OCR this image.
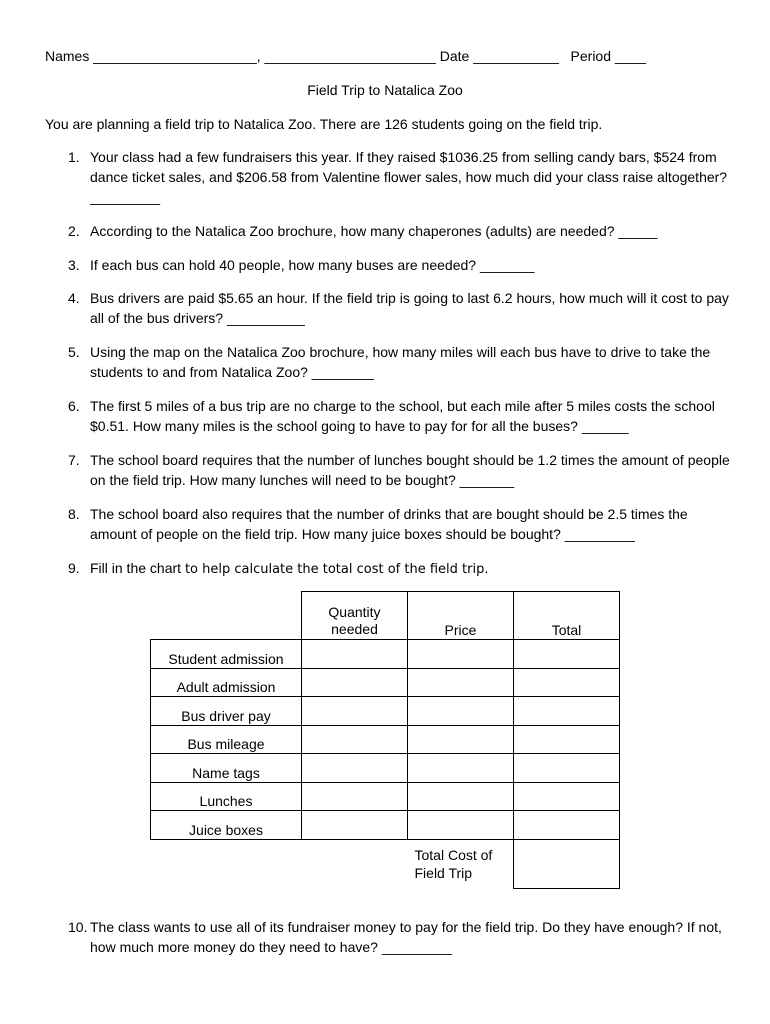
Names _____________________, ______________________ Date ___________ Period ____
Field Trip to Natalica Zoo
You are planning a field trip to Natalica Zoo. There are 126 students going on the field trip.
1. Your class had a few fundraisers this year. If they raised $1036.25 from selling candy bars, $524 from dance ticket sales, and $206.58 from Valentine flower sales, how much did your class raise altogether? _________
2. According to the Natalica Zoo brochure, how many chaperones (adults) are needed? _____
3. If each bus can hold 40 people, how many buses are needed? _______
4. Bus drivers are paid $5.65 an hour. If the field trip is going to last 6.2 hours, how much will it cost to pay all of the bus drivers? __________
5. Using the map on the Natalica Zoo brochure, how many miles will each bus have to drive to take the students to and from Natalica Zoo? ________
6. The first 5 miles of a bus trip are no charge to the school, but each mile after 5 miles costs the school $0.51. How many miles is the school going to have to pay for for all the buses? ______
7. The school board requires that the number of lunches bought should be 1.2 times the amount of people on the field trip. How many lunches will need to be bought? _______
8. The school board also requires that the number of drinks that are bought should be 2.5 times the amount of people on the field trip. How many juice boxes should be bought? _________
9. Fill in the chart to help calculate the total cost of the field trip.

	Quantity needed	Price	Total
Student admission			
Adult admission			
Bus driver pay			
Bus mileage			
Name tags			
Lunches			
Juice boxes			

		Total Cost of
Field Trip	

10. The class wants to use all of its fundraiser money to pay for the field trip. Do they have enough? If not, how much more money do they need to have? _________
